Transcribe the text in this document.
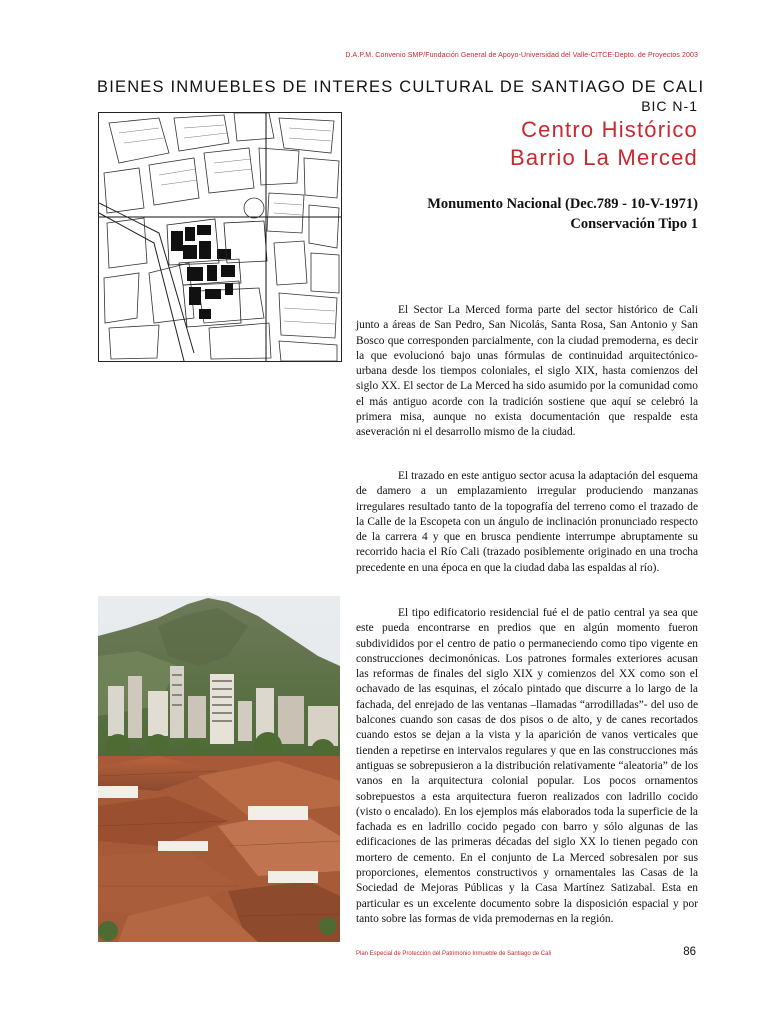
D.A.P.M. Convenio SMP/Fundación General de Apoyo-Universidad del Valle-CITCE-Depto. de Proyectos 2003
BIENES INMUEBLES DE INTERES CULTURAL DE SANTIAGO DE CALI
BIC N-1
Centro Histórico
Barrio La Merced
Monumento Nacional (Dec.789 - 10-V-1971)
Conservación Tipo 1

El Sector La Merced forma parte del sector histórico de Cali junto a áreas de San Pedro, San Nicolás, Santa Rosa, San Antonio y San Bosco que corresponden parcialmente, con la ciudad premoderna, es decir la que evolucionó bajo unas fórmulas de continuidad arquitectónico-urbana desde los tiempos coloniales, el siglo XIX, hasta comienzos del siglo XX. El sector de La Merced ha sido asumido por la comunidad como el más antiguo acorde con la tradición sostiene que aquí se celebró la primera misa, aunque no exista documentación que respalde esta aseveración ni el desarrollo mismo de la ciudad.

El trazado en este antiguo sector acusa la adaptación del esquema de damero a un emplazamiento irregular produciendo manzanas irregulares resultado tanto de la topografía del terreno como el trazado de la Calle de la Escopeta con un ángulo de inclinación pronunciado respecto de la carrera 4 y que en brusca pendiente interrumpe abruptamente su recorrido hacia el Río Cali (trazado posiblemente originado en una trocha precedente en una época en que la ciudad daba las espaldas al río).

El tipo edificatorio residencial fué el de patio central ya sea que este pueda encontrarse en predios que en algún momento fueron subdivididos por el centro de patio o permaneciendo como tipo vigente en construcciones decimonónicas. Los patrones formales exteriores acusan las reformas de finales del siglo XIX y comienzos del XX como son el ochavado de las esquinas, el zócalo pintado que discurre a lo largo de la fachada, del enrejado de las ventanas –llamadas “arrodilladas”- del uso de balcones cuando son casas de dos pisos o de alto, y de canes recortados cuando estos se dejan a la vista y la aparición de vanos verticales que tienden a repetirse en intervalos regulares y que en las construcciones más antiguas se sobrepusieron a la distribución relativamente “aleatoria” de los vanos en la arquitectura colonial popular. Los pocos ornamentos sobrepuestos a esta arquitectura fueron realizados con ladrillo cocido (visto o encalado). En los ejemplos más elaborados toda la superficie de la fachada es en ladrillo cocido pegado con barro y sólo algunas de las edificaciones de las primeras décadas del siglo XX lo tienen pegado con mortero de cemento. En el conjunto de La Merced sobresalen por sus proporciones, elementos constructivos y ornamentales las Casas de la Sociedad de Mejoras Públicas y la Casa Martínez Satizabal. Esta en particular es un excelente documento sobre la disposición espacial y por tanto sobre las formas de vida premodernas en la región.

Plan Especial de Protección del Patrimonio Inmueble de Santiago de Cali	86
